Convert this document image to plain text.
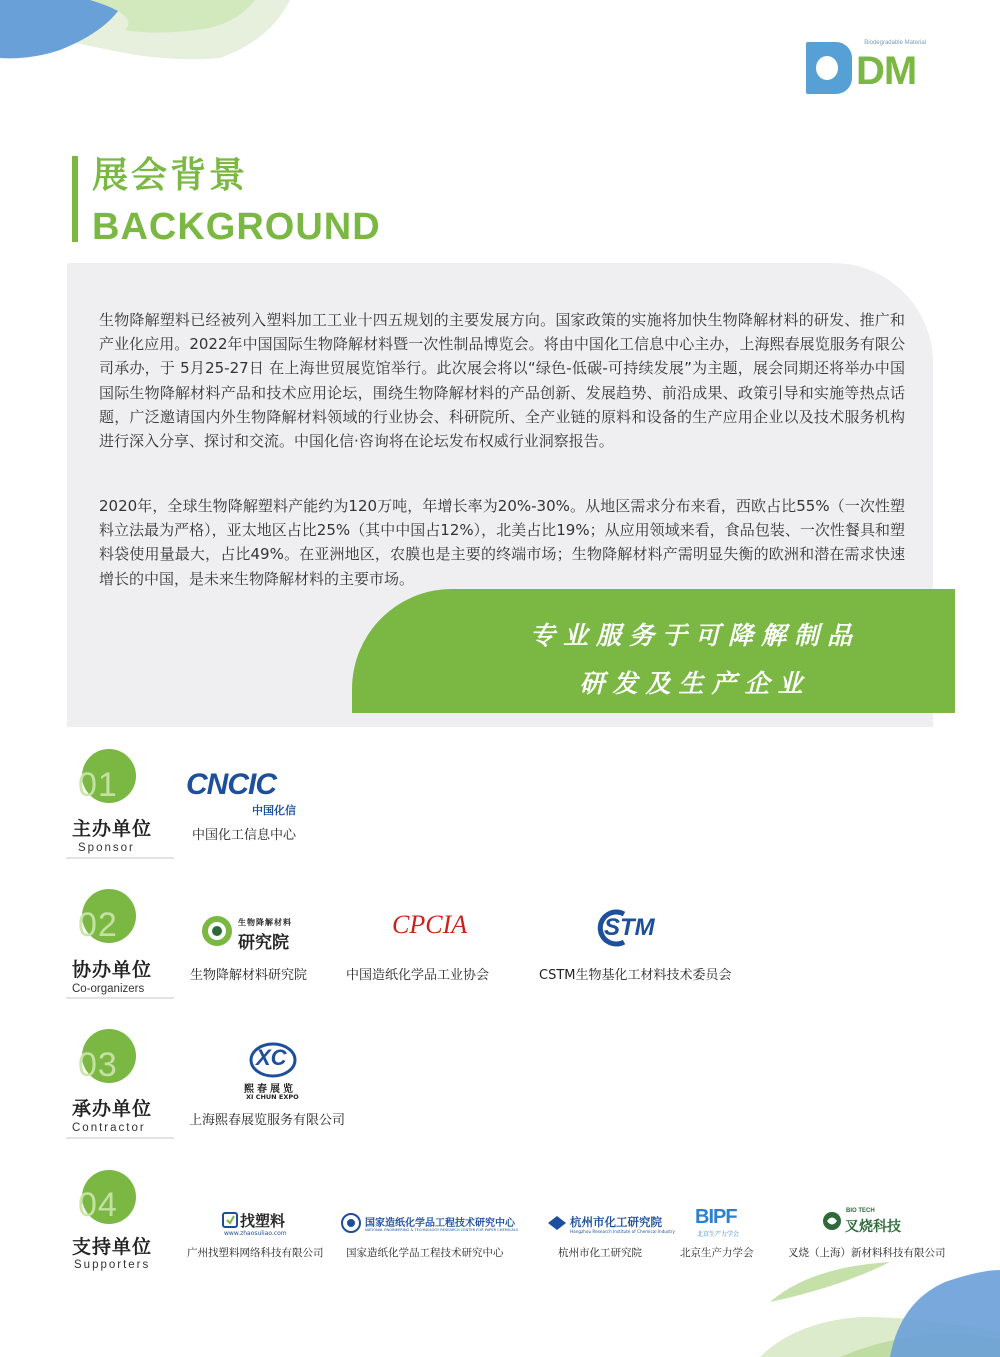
Biodegradable Material
DM
展会背景
BACKGROUND

生物降解塑料已经被列入塑料加工工业十四五规划的主要发展方向。国家政策的实施将加快生物降解材料的研发、推广和产业化应用。2022年中国国际生物降解材料暨一次性制品博览会。将由中国化工信息中心主办，上海熙春展览服务有限公司承办，于 5月25-27日 在上海世贸展览馆举行。此次展会将以“绿色-低碳-可持续发展”为主题，展会同期还将举办中国国际生物降解材料产品和技术应用论坛，围绕生物降解材料的产品创新、发展趋势、前沿成果、政策引导和实施等热点话题，广泛邀请国内外生物降解材料领域的行业协会、科研院所、全产业链的原料和设备的生产应用企业以及技术服务机构进行深入分享、探讨和交流。中国化信·咨询将在论坛发布权威行业洞察报告。

2020年，全球生物降解塑料产能约为120万吨，年增长率为20%-30%。从地区需求分布来看，西欧占比55%（一次性塑料立法最为严格），亚太地区占比25%（其中中国占12%），北美占比19%；从应用领域来看，食品包装、一次性餐具和塑料袋使用量最大，占比49%。在亚洲地区，农膜也是主要的终端市场；生物降解材料产需明显失衡的欧洲和潜在需求快速增长的中国，是未来生物降解材料的主要市场。

专业服务于可降解制品
研发及生产企业
01
主办单位
Sponsor
CNCIC
中国化信
中国化工信息中心
02
协办单位
Co-organizers
生物降解材料
研究院
生物降解材料研究院
CPCIA
中国造纸化学品工业协会
STM
CSTM生物基化工材料技术委员会
03
承办单位
Contractor
XC
熙春展览
XI CHUN EXPO
上海熙春展览服务有限公司
04
支持单位
Supporters
找塑料
www.zhaosuliao.com
广州找塑料网络科技有限公司
国家造纸化学品工程技术研究中心
NATIONAL ENGINEERING & TECHNOLOGY RESEARCH CENTER FOR PAPER CHEMICALS
国家造纸化学品工程技术研究中心
杭州市化工研究院
Hangzhou Research Institute of Chemical Industry
杭州市化工研究院
BIPF
北京生产力学会
北京生产力学会
BIO TECH
叉烧科技
叉烧（上海）新材料科技有限公司
